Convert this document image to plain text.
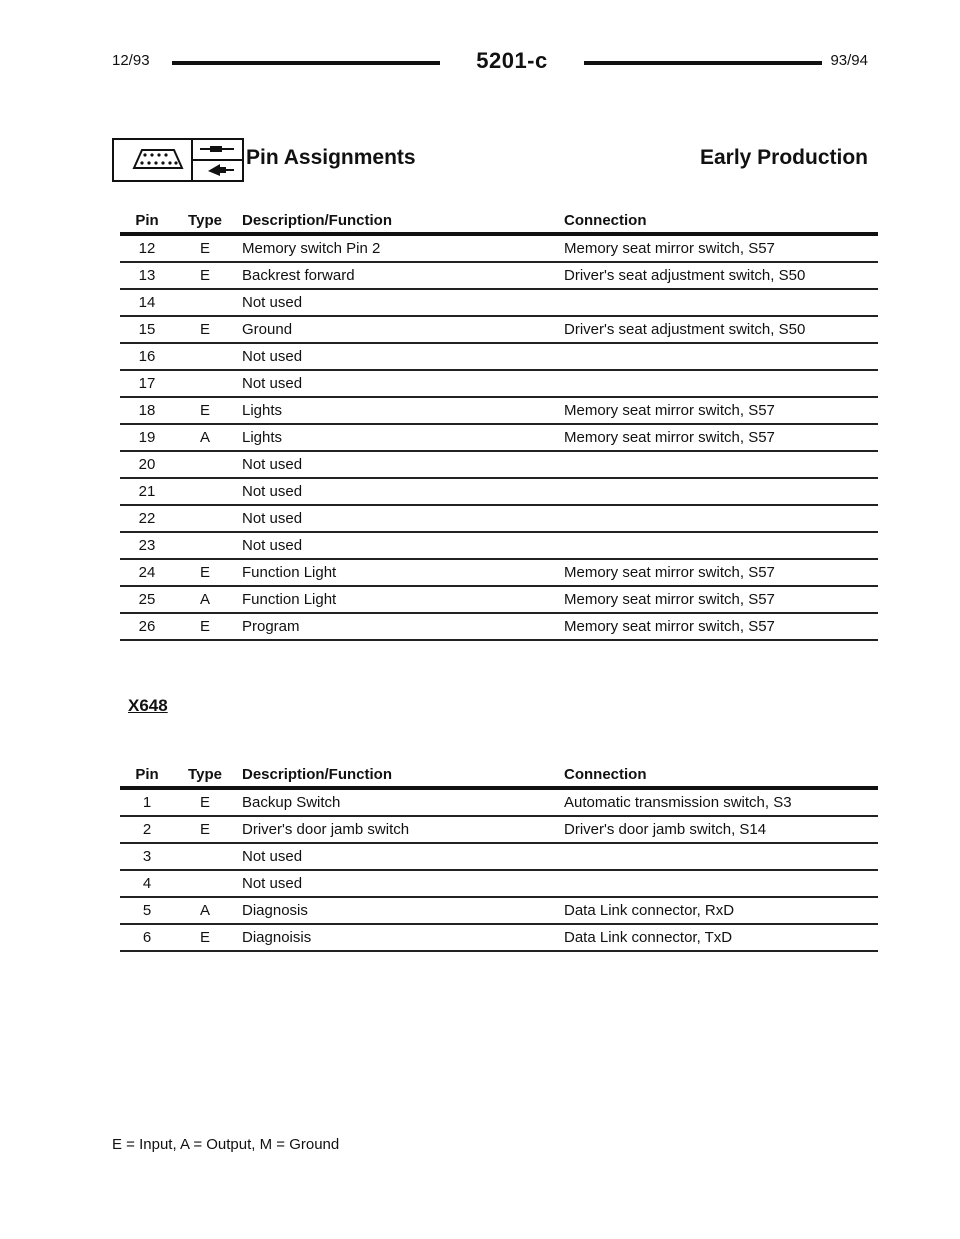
12/93	5201-c	93/94
Pin Assignments	Early Production
Pin	Type	Description/Function	Connection
12	E	Memory switch Pin 2	Memory seat mirror switch, S57
13	E	Backrest forward	Driver's seat adjustment switch, S50
14		Not used	
15	E	Ground	Driver's seat adjustment switch, S50
16		Not used	
17		Not used	
18	E	Lights	Memory seat mirror switch, S57
19	A	Lights	Memory seat mirror switch, S57
20		Not used	
21		Not used	
22		Not used	
23		Not used	
24	E	Function Light	Memory seat mirror switch, S57
25	A	Function Light	Memory seat mirror switch, S57
26	E	Program	Memory seat mirror switch, S57
X648
Pin	Type	Description/Function	Connection
1	E	Backup Switch	Automatic transmission switch, S3
2	E	Driver's door jamb switch	Driver's door jamb switch, S14
3		Not used	
4		Not used	
5	A	Diagnosis	Data Link connector, RxD
6	E	Diagnoisis	Data Link connector, TxD
E = Input, A = Output, M = Ground
